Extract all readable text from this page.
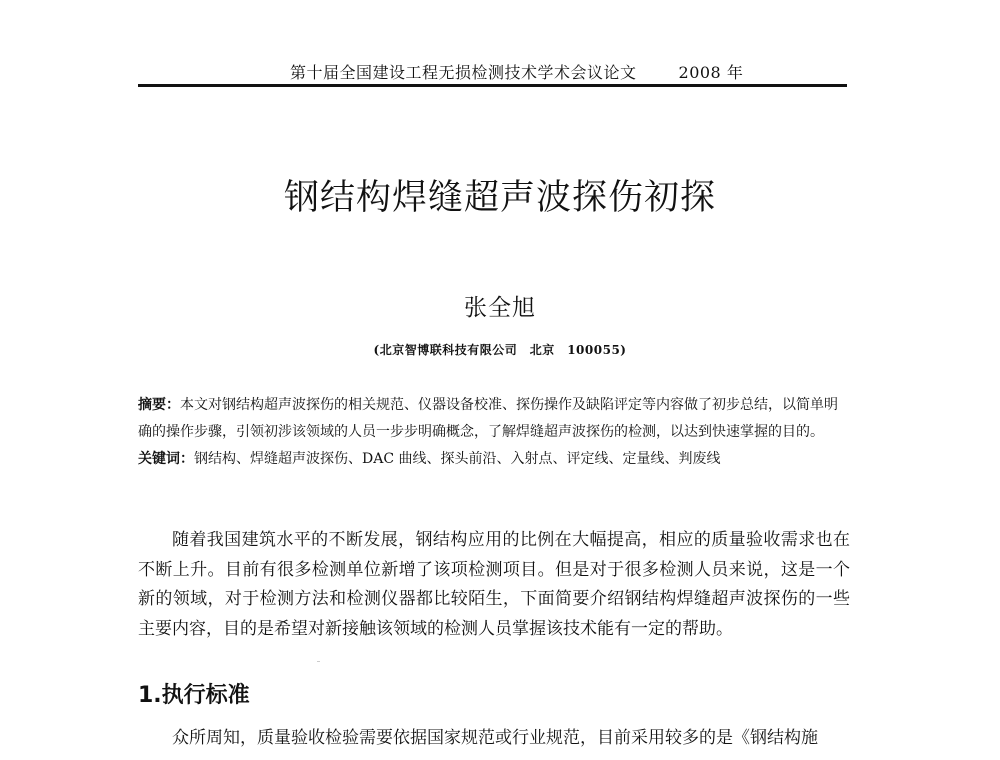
第十届全国建设工程无损检测技术学术会议论文	2008 年
钢结构焊缝超声波探伤初探
张全旭
(北京智博联科技有限公司　北京　100055)

摘要：本文对钢结构超声波探伤的相关规范、仪器设备校准、探伤操作及缺陷评定等内容做了初步总结，以简单明确的操作步骤，引领初涉该领域的人员一步步明确概念，了解焊缝超声波探伤的检测，以达到快速掌握的目的。

关键词：钢结构、焊缝超声波探伤、DAC 曲线、探头前沿、入射点、评定线、定量线、判废线

随着我国建筑水平的不断发展，钢结构应用的比例在大幅提高，相应的质量验收需求也在不断上升。目前有很多检测单位新增了该项检测项目。但是对于很多检测人员来说，这是一个新的领域，对于检测方法和检测仪器都比较陌生，下面简要介绍钢结构焊缝超声波探伤的一些主要内容，目的是希望对新接触该领域的检测人员掌握该技术能有一定的帮助。

1.执行标准

众所周知，质量验收检验需要依据国家规范或行业规范，目前采用较多的是《钢结构施
